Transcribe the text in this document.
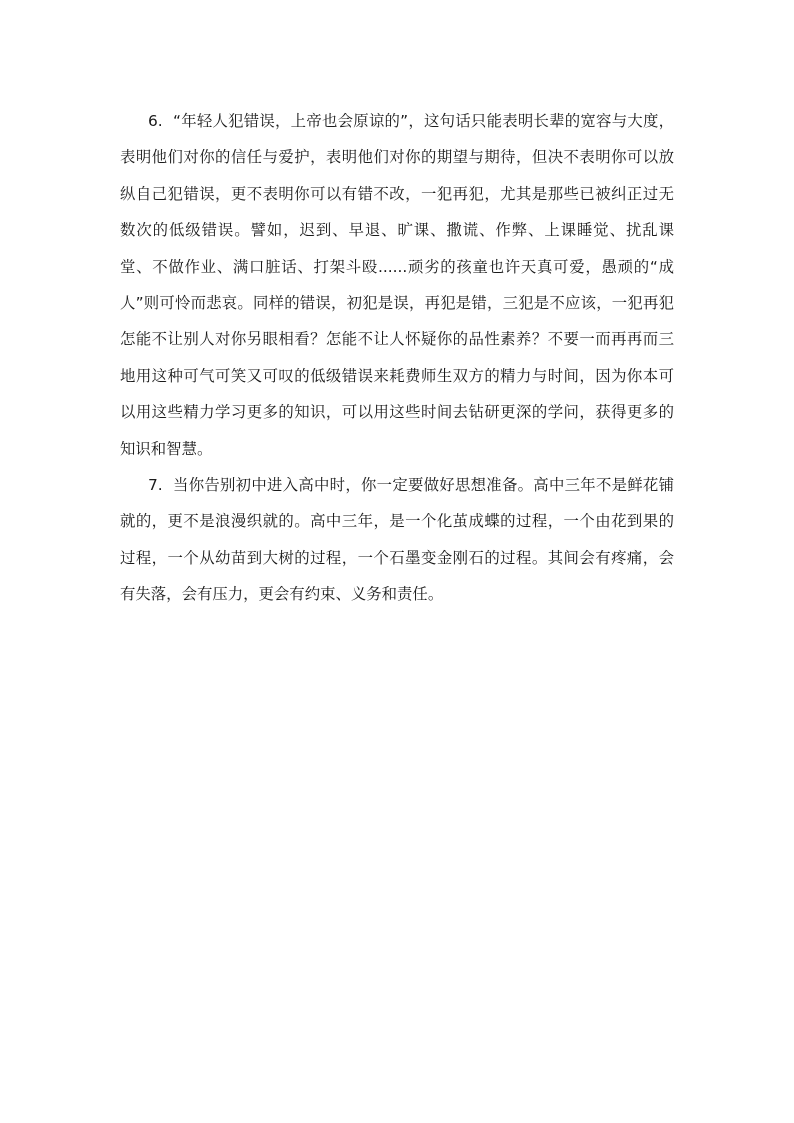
6. “年轻人犯错误，上帝也会原谅的”，这句话只能表明长辈的宽容与大度，表明他们对你的信任与爱护，表明他们对你的期望与期待，但决不表明你可以放纵自己犯错误，更不表明你可以有错不改，一犯再犯，尤其是那些已被纠正过无数次的低级错误。譬如，迟到、早退、旷课、撒谎、作弊、上课睡觉、扰乱课堂、不做作业、满口脏话、打架斗殴......顽劣的孩童也许天真可爱，愚顽的“成人”则可怜而悲哀。同样的错误，初犯是误，再犯是错，三犯是不应该，一犯再犯怎能不让别人对你另眼相看？怎能不让人怀疑你的品性素养？不要一而再再而三地用这种可气可笑又可叹的低级错误来耗费师生双方的精力与时间，因为你本可以用这些精力学习更多的知识，可以用这些时间去钻研更深的学问，获得更多的知识和智慧。

7. 当你告别初中进入高中时，你一定要做好思想准备。高中三年不是鲜花铺就的，更不是浪漫织就的。高中三年，是一个化茧成蝶的过程，一个由花到果的过程，一个从幼苗到大树的过程，一个石墨变金刚石的过程。其间会有疼痛，会有失落，会有压力，更会有约束、义务和责任。
